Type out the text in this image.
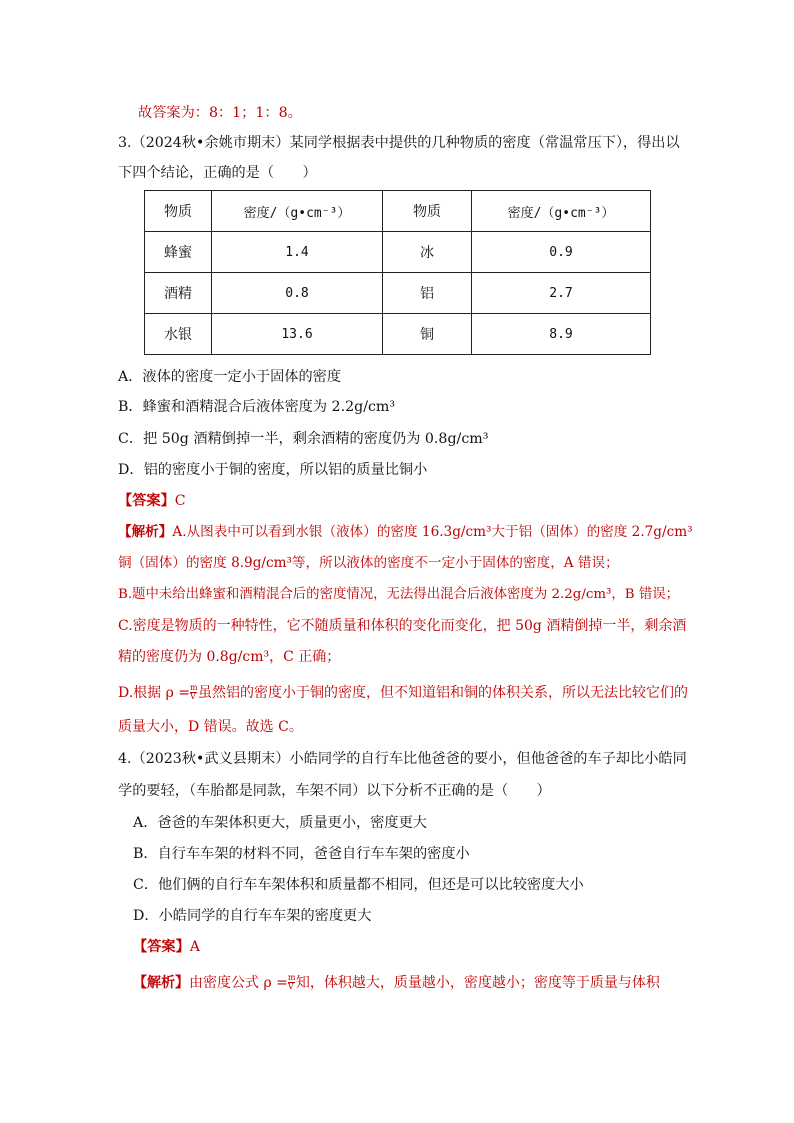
故答案为：8：1；1：8。
3.（2024秋•余姚市期末）某同学根据表中提供的几种物质的密度（常温常压下），得出以
下四个结论，正确的是（　　）
物质	密度/（g•cm⁻³）	物质	密度/（g•cm⁻³）
蜂蜜	1.4	冰	0.9
酒精	0.8	铝	2.7
水银	13.6	铜	8.9
A．液体的密度一定小于固体的密度
B．蜂蜜和酒精混合后液体密度为 2.2g/cm³
C．把 50g 酒精倒掉一半，剩余酒精的密度仍为 0.8g/cm³
D．铝的密度小于铜的密度，所以铝的质量比铜小
【答案】C
【解析】A.从图表中可以看到水银（液体）的密度 16.3g/cm³大于铝（固体）的密度 2.7g/cm³
铜（固体）的密度 8.9g/cm³等，所以液体的密度不一定小于固体的密度，A 错误；
B.题中未给出蜂蜜和酒精混合后的密度情况，无法得出混合后液体密度为 2.2g/cm³，B 错误；
C.密度是物质的一种特性，它不随质量和体积的变化而变化，把 50g 酒精倒掉一半，剩余酒
精的密度仍为 0.8g/cm³，C 正确；
D.根据 $\rho = \frac{m}{V}$ 虽然铝的密度小于铜的密度，但不知道铝和铜的体积关系，所以无法比较它们的
质量大小，D 错误。故选 C。
4.（2023秋•武义县期末）小皓同学的自行车比他爸爸的要小，但他爸爸的车子却比小皓同
学的要轻，（车胎都是同款，车架不同）以下分析不正确的是（　　）
A．爸爸的车架体积更大，质量更小，密度更大
B．自行车车架的材料不同，爸爸自行车车架的密度小
C．他们俩的自行车车架体积和质量都不相同，但还是可以比较密度大小
D．小皓同学的自行车车架的密度更大
【答案】A
【解析】由密度公式 $\rho = \frac{m}{V}$ 知，体积越大，质量越小，密度越小；密度等于质量与体积
